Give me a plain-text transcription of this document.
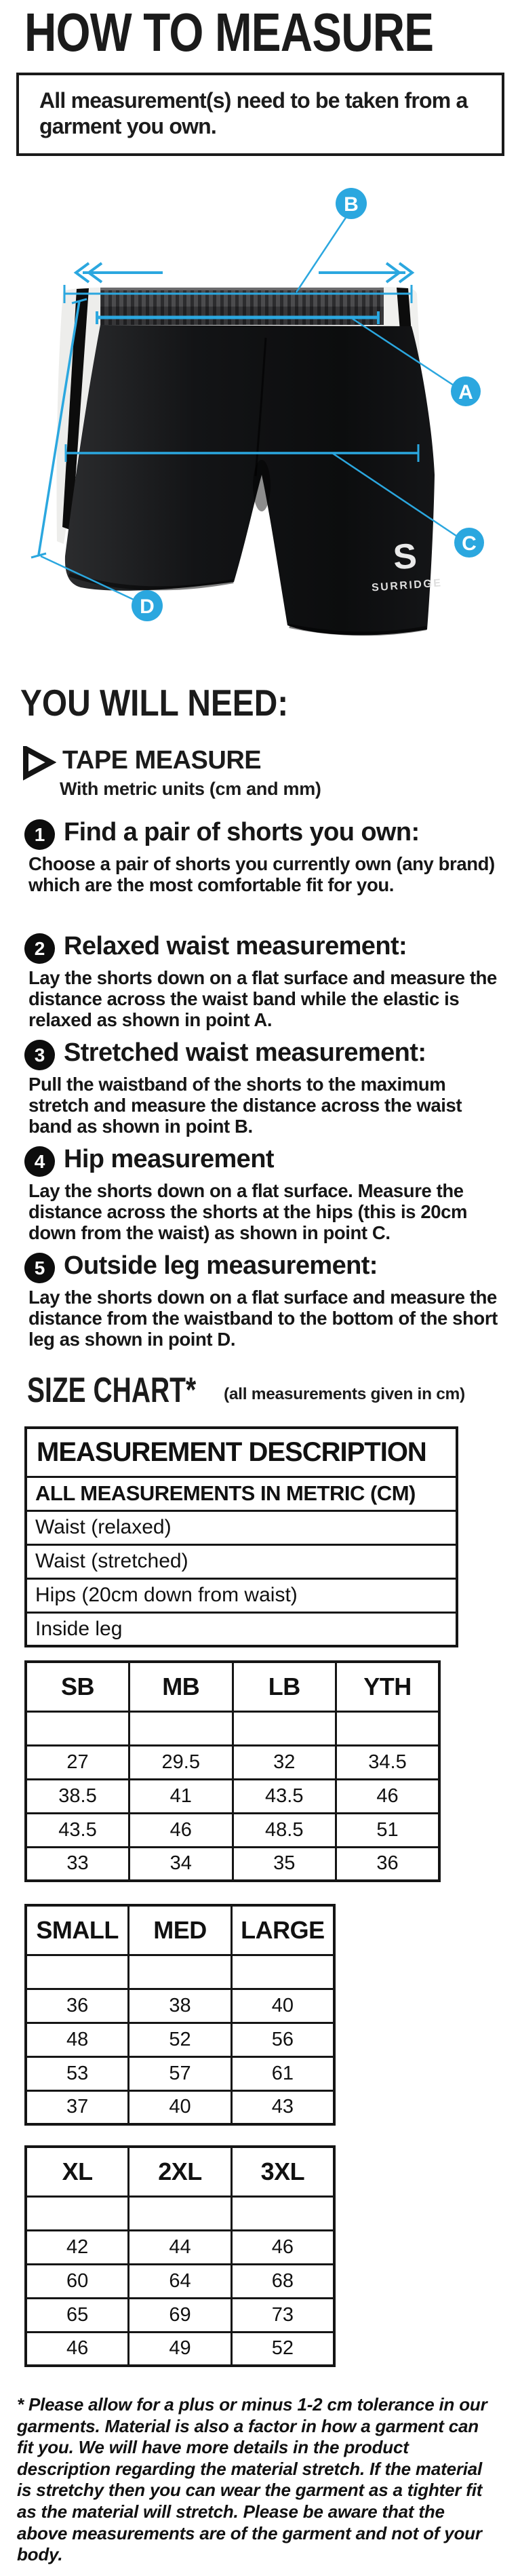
HOW TO MEASURE
All measurement(s) need to be taken from a
garment you own.
S
SURRIDGE
A
B
C
D
YOU WILL NEED:
TAPE MEASURE
With metric units (cm and mm)
1 Find a pair of shorts you own:

Choose a pair of shorts you currently own (any brand) which are the most comfortable fit for you.

2 Relaxed waist measurement:

Lay the shorts down on a flat surface and measure the distance across the waist band while the elastic is relaxed as shown in point A.

3 Stretched waist measurement:

Pull the waistband of the shorts to the maximum stretch and measure the distance across the waist band as shown in point B.

4 Hip measurement

Lay the shorts down on a flat surface. Measure the distance across the shorts at the hips (this is 20cm down from the waist) as shown in point C.

5 Outside leg measurement:

Lay the shorts down on a flat surface and measure the distance from the waistband to the bottom of the short leg as shown in point D.

SIZE CHART*	(all measurements given in cm)
MEASUREMENT DESCRIPTION
ALL MEASUREMENTS IN METRIC (CM)
Waist (relaxed)
Waist (stretched)
Hips (20cm down from waist)
Inside leg
SB	MB	LB	YTH

27	29.5	32	34.5
38.5	41	43.5	46
43.5	46	48.5	51
33	34	35	36
SMALL	MED	LARGE

36	38	40
48	52	56
53	57	61
37	40	43
XL	2XL	3XL

42	44	46
60	64	68
65	69	73
46	49	52
* Please allow for a plus or minus 1-2 cm tolerance in our garments. Material is also a factor in how a garment can fit you. We will have more details in the product description regarding the material stretch. If the material is stretchy then you can wear the garment as a tighter fit as the material will stretch. Please be aware that the above measurements are of the garment and not of your body.
